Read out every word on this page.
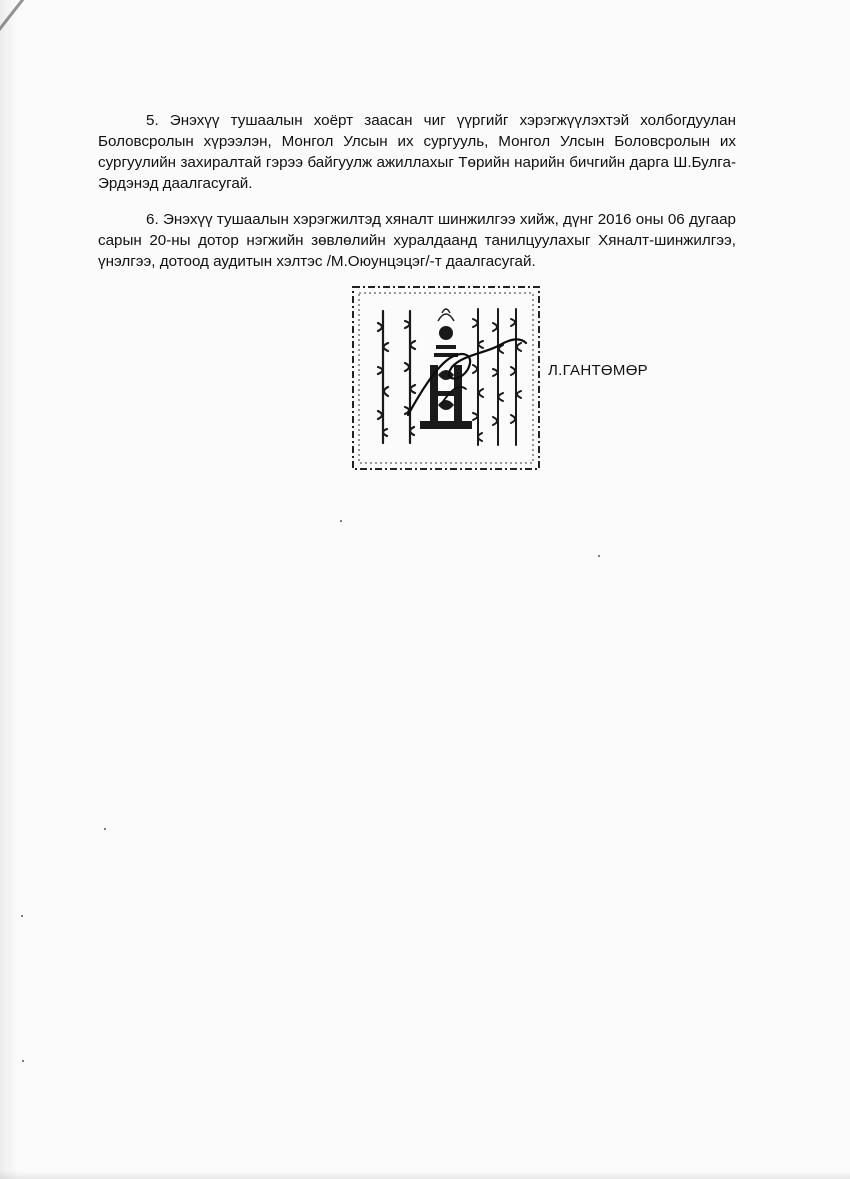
5. Энэхүү тушаалын хоёрт заасан чиг үүргийг хэрэгжүүлэхтэй холбогдуулан Боловсролын хүрээлэн, Монгол Улсын их сургууль, Монгол Улсын Боловсролын их сургуулийн захиралтай гэрээ байгуулж ажиллахыг Төрийн нарийн бичгийн дарга Ш.Булга-Эрдэнэд даалгасугай.

6. Энэхүү тушаалын хэрэгжилтэд хяналт шинжилгээ хийж, дүнг 2016 оны 06 дугаар сарын 20-ны дотор нэгжийн зөвлөлийн хуралдаанд танилцуулахыг Хяналт-шинжилгээ, үнэлгээ, дотоод аудитын хэлтэс /М.Оюунцэцэг/-т даалгасугай.

Л.ГАНТӨМӨР
